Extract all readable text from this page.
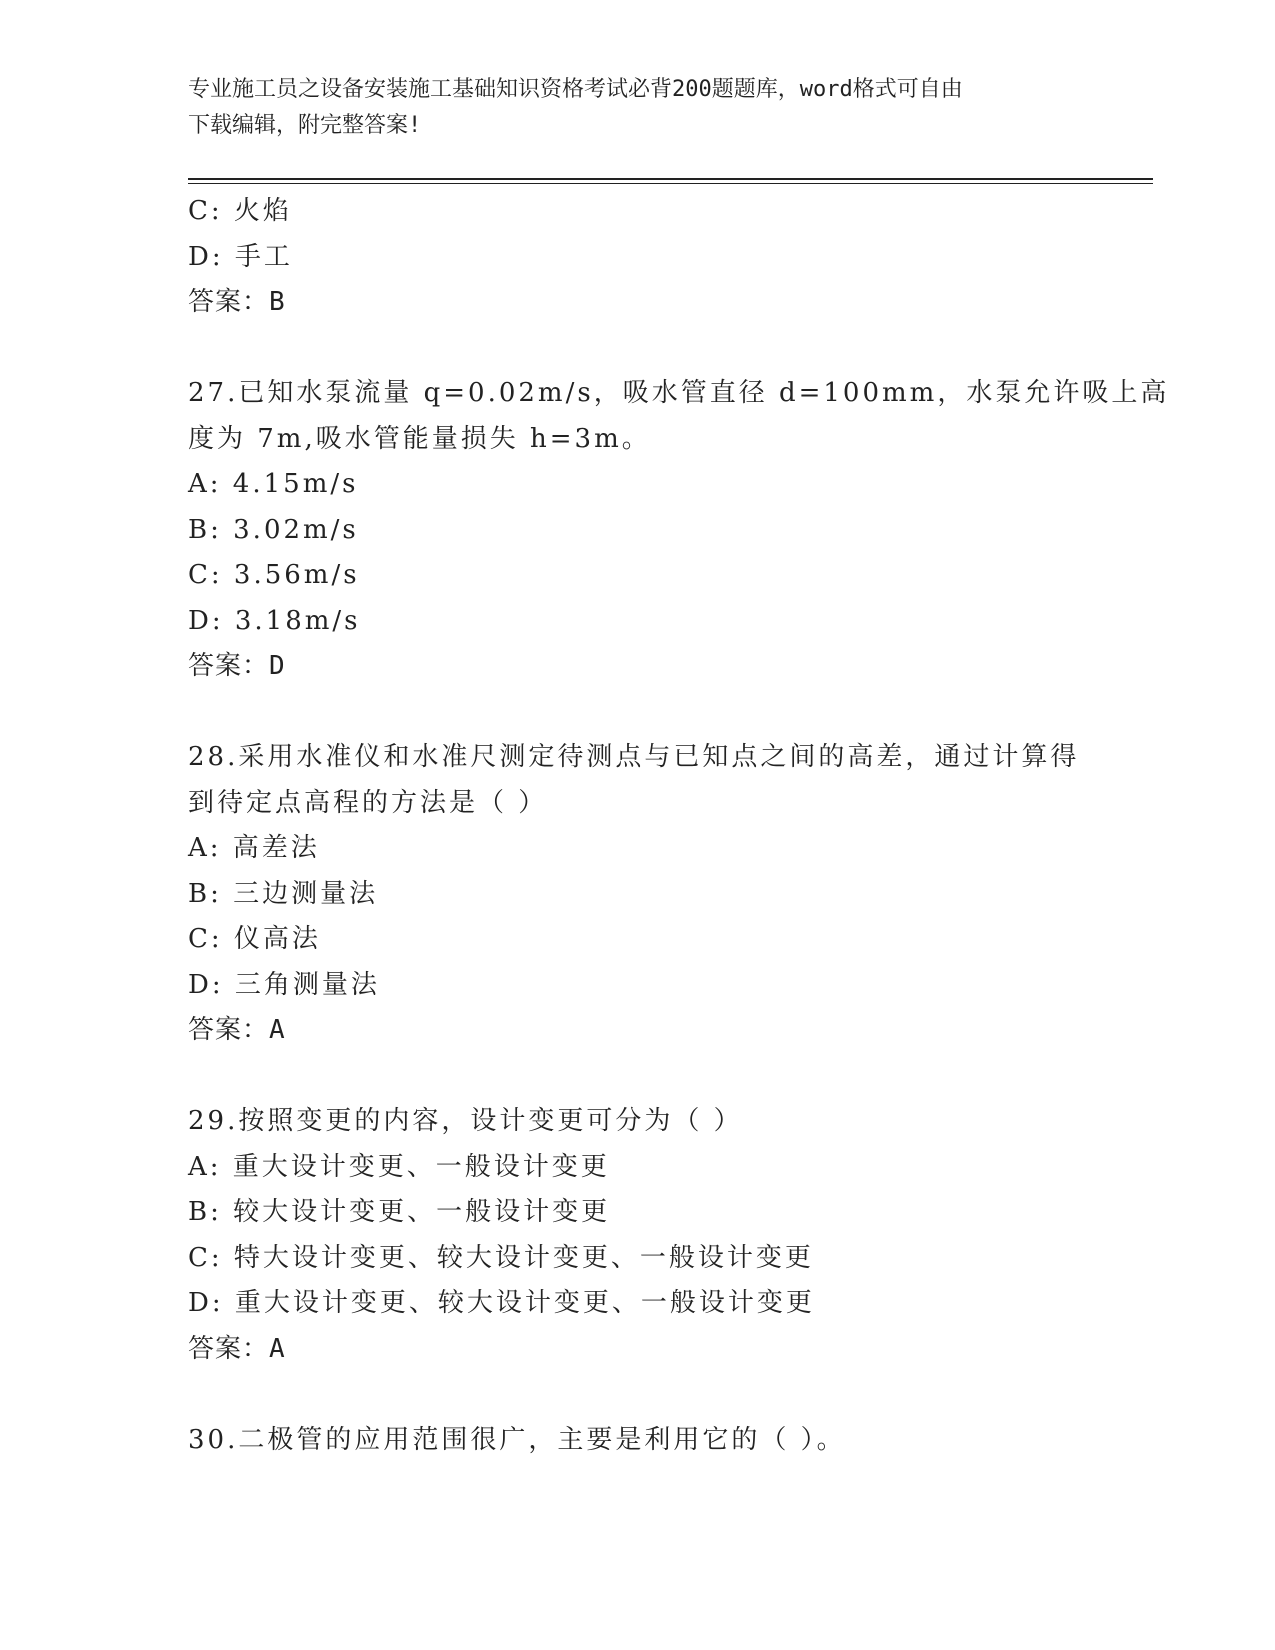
专业施工员之设备安装施工基础知识资格考试必背200题题库，word格式可自由
下载编辑，附完整答案!
C: 火焰
D: 手工
答案：B
27.已知水泵流量 q=0.02m/s，吸水管直径 d=100mm，水泵允许吸上高
度为 7m,吸水管能量损失 h=3m。
A: 4.15m/s
B: 3.02m/s
C: 3.56m/s
D: 3.18m/s
答案：D
28.采用水准仪和水准尺测定待测点与已知点之间的高差，通过计算得
到待定点高程的方法是（ ）
A: 高差法
B: 三边测量法
C: 仪高法
D: 三角测量法
答案：A
29.按照变更的内容，设计变更可分为（ ）
A: 重大设计变更、一般设计变更
B: 较大设计变更、一般设计变更
C: 特大设计变更、较大设计变更、一般设计变更
D: 重大设计变更、较大设计变更、一般设计变更
答案：A
30.二极管的应用范围很广，主要是利用它的（ ）。
